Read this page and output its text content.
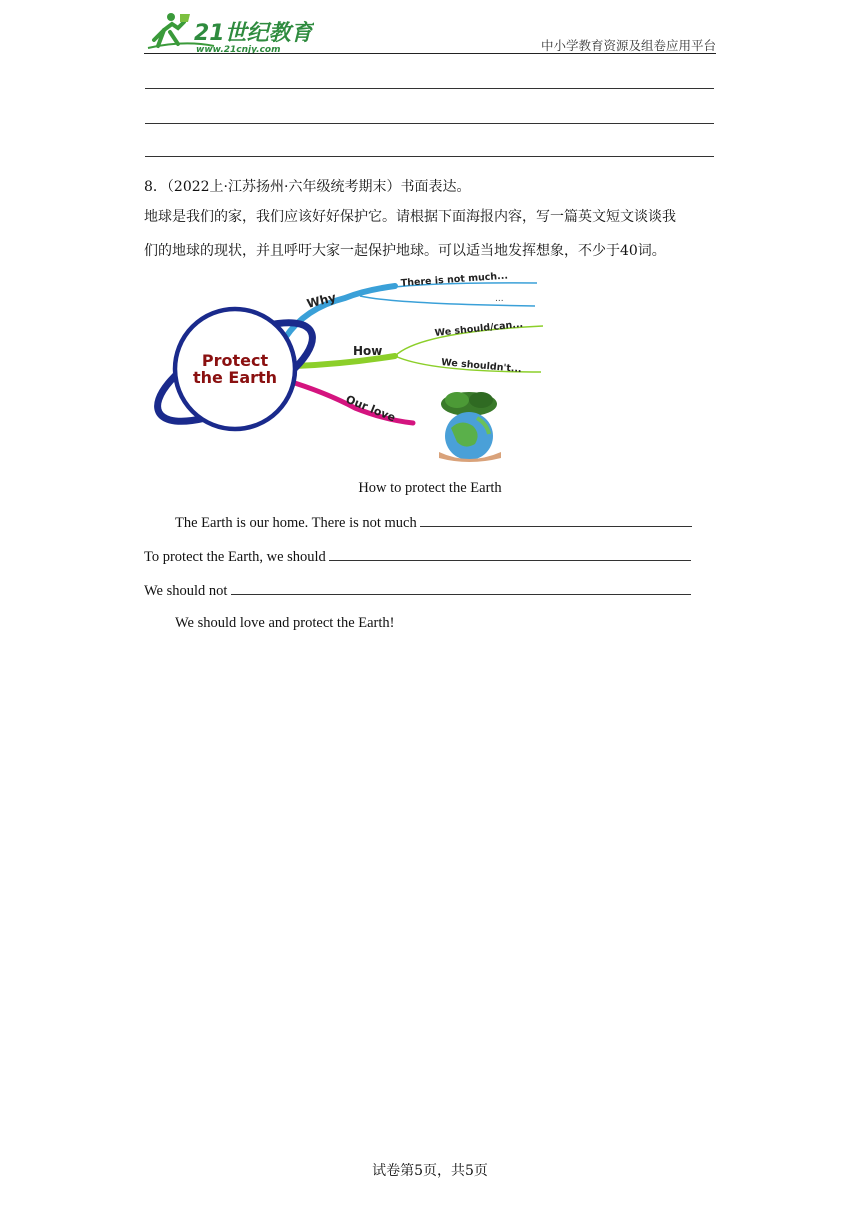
21世纪教育
www.21cnjy.com	中小学教育资源及组卷应用平台
8．（2022上·江苏扬州·六年级统考期末）书面表达。
地球是我们的家，我们应该好好保护它。请根据下面海报内容，写一篇英文短文谈谈我
们的地球的现状，并且呼吁大家一起保护地球。可以适当地发挥想象，不少于40词。
Why
There is not much...
...
How
We should/can...
We shouldn't...
Our love
Protect
the Earth
How to protect the Earth
The Earth is our home. There is not much
To protect the Earth, we should
We should not
We should love and protect the Earth!
试卷第5页，共5页
